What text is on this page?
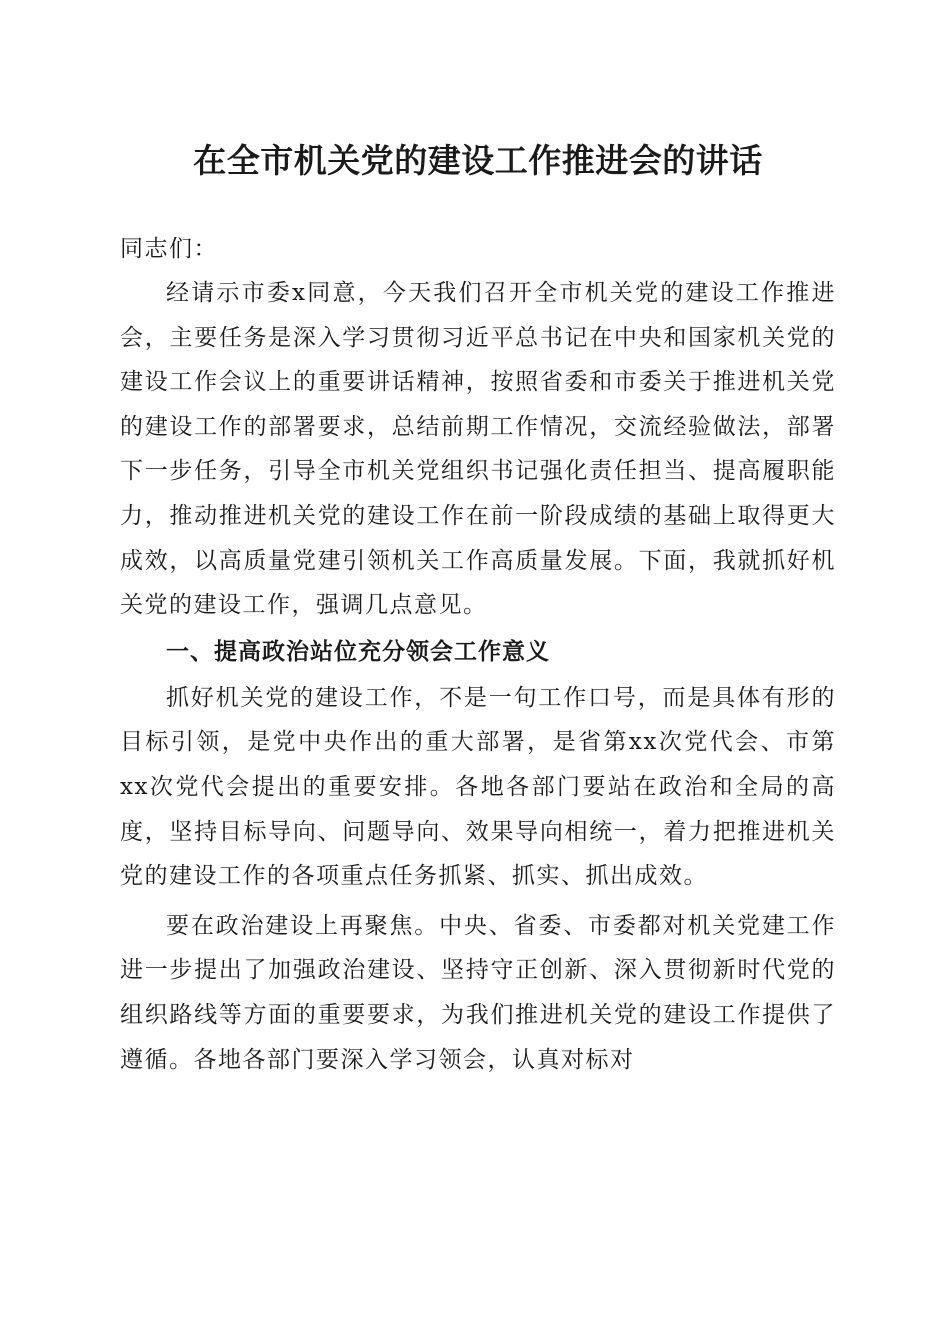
在全市机关党的建设工作推进会的讲话

同志们：

经请示市委x同意，今天我们召开全市机关党的建设工作推进会，主要任务是深入学习贯彻习近平总书记在中央和国家机关党的建设工作会议上的重要讲话精神，按照省委和市委关于推进机关党的建设工作的部署要求，总结前期工作情况，交流经验做法，部署下一步任务，引导全市机关党组织书记强化责任担当、提高履职能力，推动推进机关党的建设工作在前一阶段成绩的基础上取得更大成效，以高质量党建引领机关工作高质量发展。下面，我就抓好机关党的建设工作，强调几点意见。

一、提高政治站位充分领会工作意义

抓好机关党的建设工作，不是一句工作口号，而是具体有形的目标引领，是党中央作出的重大部署，是省第xx次党代会、市第xx次党代会提出的重要安排。各地各部门要站在政治和全局的高度，坚持目标导向、问题导向、效果导向相统一，着力把推进机关党的建设工作的各项重点任务抓紧、抓实、抓出成效。

要在政治建设上再聚焦。中央、省委、市委都对机关党建工作进一步提出了加强政治建设、坚持守正创新、深入贯彻新时代党的组织路线等方面的重要要求，为我们推进机关党的建设工作提供了遵循。各地各部门要深入学习领会，认真对标对
